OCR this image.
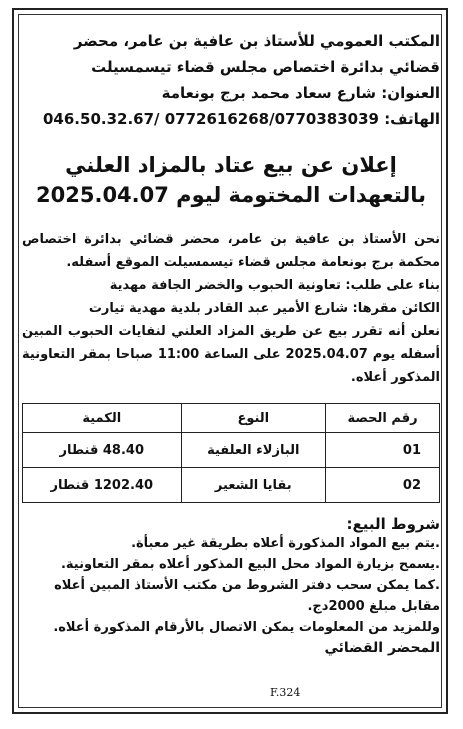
المكتب العمومي للأستاذ بن عافية بن عامر، محضر
قضائي بدائرة اختصاص مجلس قضاء تيسمسيلت
العنوان: شارع سعاد محمد برج بونعامة
الهاتف: 046.50.32.67/ 0772616268/0770383039
إعلان عن بيع عتاد بالمزاد العلني
بالتعهدات المختومة ليوم 2025.04.07
نحن الأستاذ بن عافية بن عامر، محضر قضائي بدائرة اختصاص محكمة برج بونعامة مجلس قضاء تيسمسيلت الموقع أسفله.
بناء على طلب: تعاونية الحبوب والخضر الجافة مهدية
الكائن مقرها: شارع الأمير عبد القادر بلدية مهدية تيارت
نعلن أنه تقرر بيع عن طريق المزاد العلني لنفايات الحبوب المبين أسفله يوم 2025.04.07 على الساعة 11:00 صباحا بمقر التعاونية المذكور أعلاه.
رقم الحصة	النوع	الكمية
01	البازلاء العلفية	48.40 قنطار
02	بقايا الشعير	1202.40 قنطار
شروط البيع:
.يتم بيع المواد المذكورة أعلاه بطريقة غير معبأة.
.يسمح بزيارة المواد محل البيع المذكور أعلاه بمقر التعاونية.
.كما يمكن سحب دفتر الشروط من مكتب الأستاذ المبين أعلاه مقابل مبلغ 2000دج.
وللمزيد من المعلومات يمكن الاتصال بالأرقام المذكورة أعلاه.
المحضر القضائي
F.324
